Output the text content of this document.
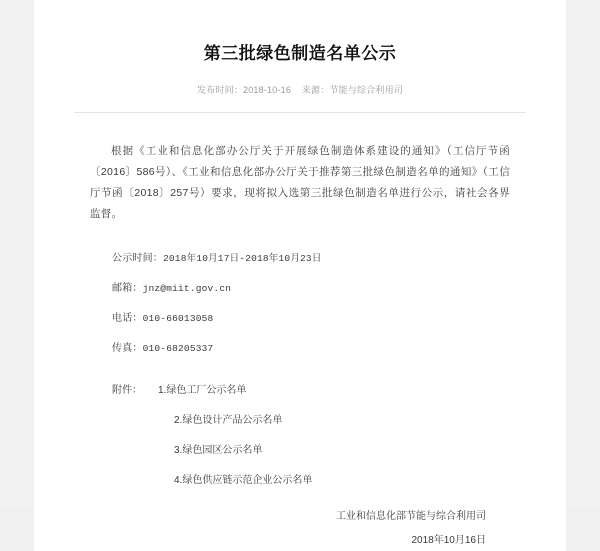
第三批绿色制造名单公示
发布时间：2018-10-16 来源：节能与综合利用司

根据《工业和信息化部办公厅关于开展绿色制造体系建设的通知》（工信厅节函〔2016〕586号）、《工业和信息化部办公厅关于推荐第三批绿色制造名单的通知》（工信厅节函〔2018〕257号）要求，现将拟入选第三批绿色制造名单进行公示，请社会各界监督。

公示时间：2018年10月17日-2018年10月23日
邮箱：jnz@miit.gov.cn
电话：010-66013058
传真：010-68205337
附件： 1.绿色工厂公示名单
2.绿色设计产品公示名单
3.绿色园区公示名单
4.绿色供应链示范企业公示名单
工业和信息化部节能与综合利用司
2018年10月16日
